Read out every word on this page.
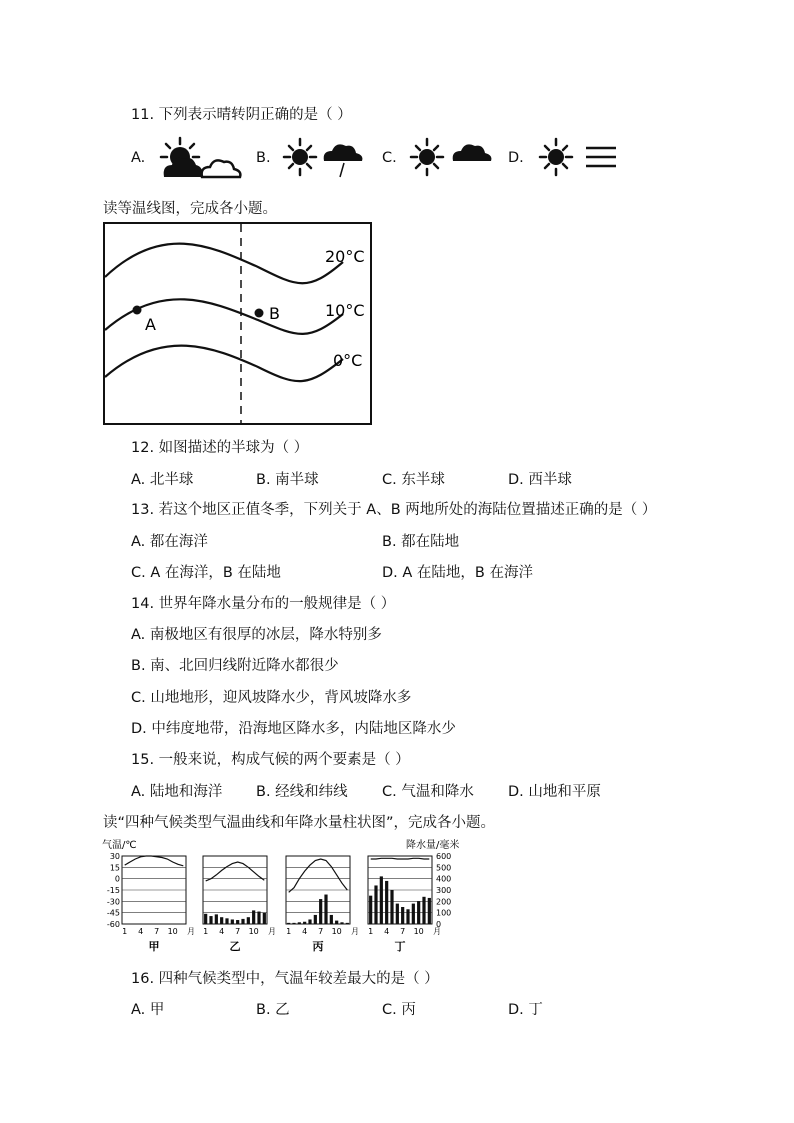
11. 下列表示晴转阴正确的是（ ）
A.	B.	C.	D.
读等温线图，完成各小题。
A
B
20°C
10°C
0°C
12. 如图描述的半球为（ ）
A. 北半球	B. 南半球	C. 东半球	D. 西半球
13. 若这个地区正值冬季，下列关于 A、B 两地所处的海陆位置描述正确的是（ ）
A. 都在海洋	B. 都在陆地
C. A 在海洋，B 在陆地	D. A 在陆地，B 在海洋
14. 世界年降水量分布的一般规律是（ ）
A. 南极地区有很厚的冰层，降水特别多
B. 南、北回归线附近降水都很少
C. 山地地形，迎风坡降水少，背风坡降水多
D. 中纬度地带，沿海地区降水多，内陆地区降水少
15. 一般来说，构成气候的两个要素是（ ）
A. 陆地和海洋 B. 经线和纬线 C. 气温和降水 D. 山地和平原
读“四种气候类型气温曲线和年降水量柱状图”，完成各小题。
气温/℃	降水量/毫米
30
15
0
-15
-30
-45
-60
600
500
400
300
200
100
0
1 4 7 10 月
甲
1 4 7 10 月
乙
1 4 7 10 月
丙
1 4 7 10 月
丁
16. 四种气候类型中，气温年较差最大的是（ ）
A. 甲	B. 乙	C. 丙	D. 丁
